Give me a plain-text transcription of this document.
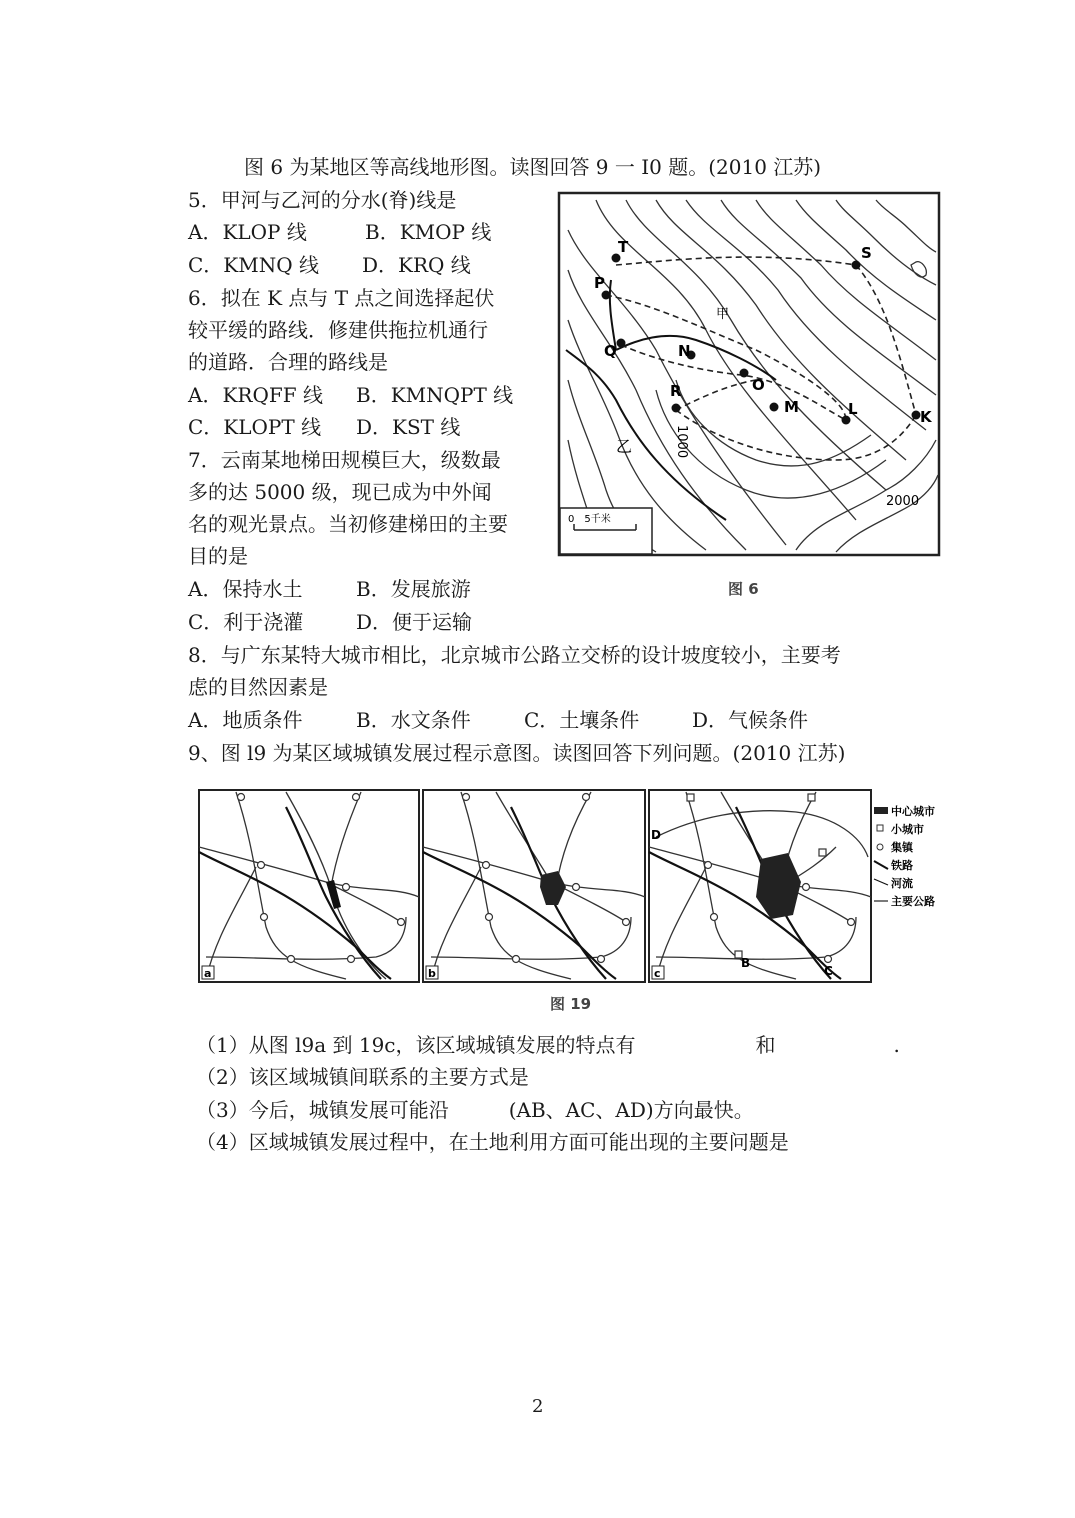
图 6 为某地区等高线地形图。读图回答 9 一 I0 题。(2010 江苏)
5．甲河与乙河的分水(脊)线是
A．KLOP 线	B．KMOP 线
C．KMNQ 线 D．KRQ 线
6．拟在 K 点与 T 点之间选择起伏
较平缓的路线．修建供拖拉机通行
的道路．合理的路线是
A．KRQFF 线 B．KMNQPT 线
C．KLOPT 线 D．KST 线
7．云南某地梯田规模巨大，级数最
多的达 5000 级，现已成为中外闻
名的观光景点。当初修建梯田的主要
目的是
A．保持水土	B．发展旅游
C．利于浇灌	D．便于运输
8．与广东某特大城市相比，北京城市公路立交桥的设计坡度较小，主要考
虑的目然因素是
A．地质条件	B．水文条件	C．土壤条件	D．气候条件
9、图 l9 为某区域城镇发展过程示意图。读图回答下列问题。(2010 江苏)
T
P
S
Q	N
O
R
M	L	K
1000
2000
乙
甲
0　5千米
图 6
a	b
D
B
C
c
中心城市
小城市
集镇
铁路
河流
主要公路
图 19
（1）从图 l9a 到 19c，该区域城镇发展的特点有	和	.
（2）该区域城镇间联系的主要方式是
（3）今后，城镇发展可能沿	(AB、AC、AD)方向最快。
（4）区域城镇发展过程中，在土地利用方面可能出现的主要问题是
2
